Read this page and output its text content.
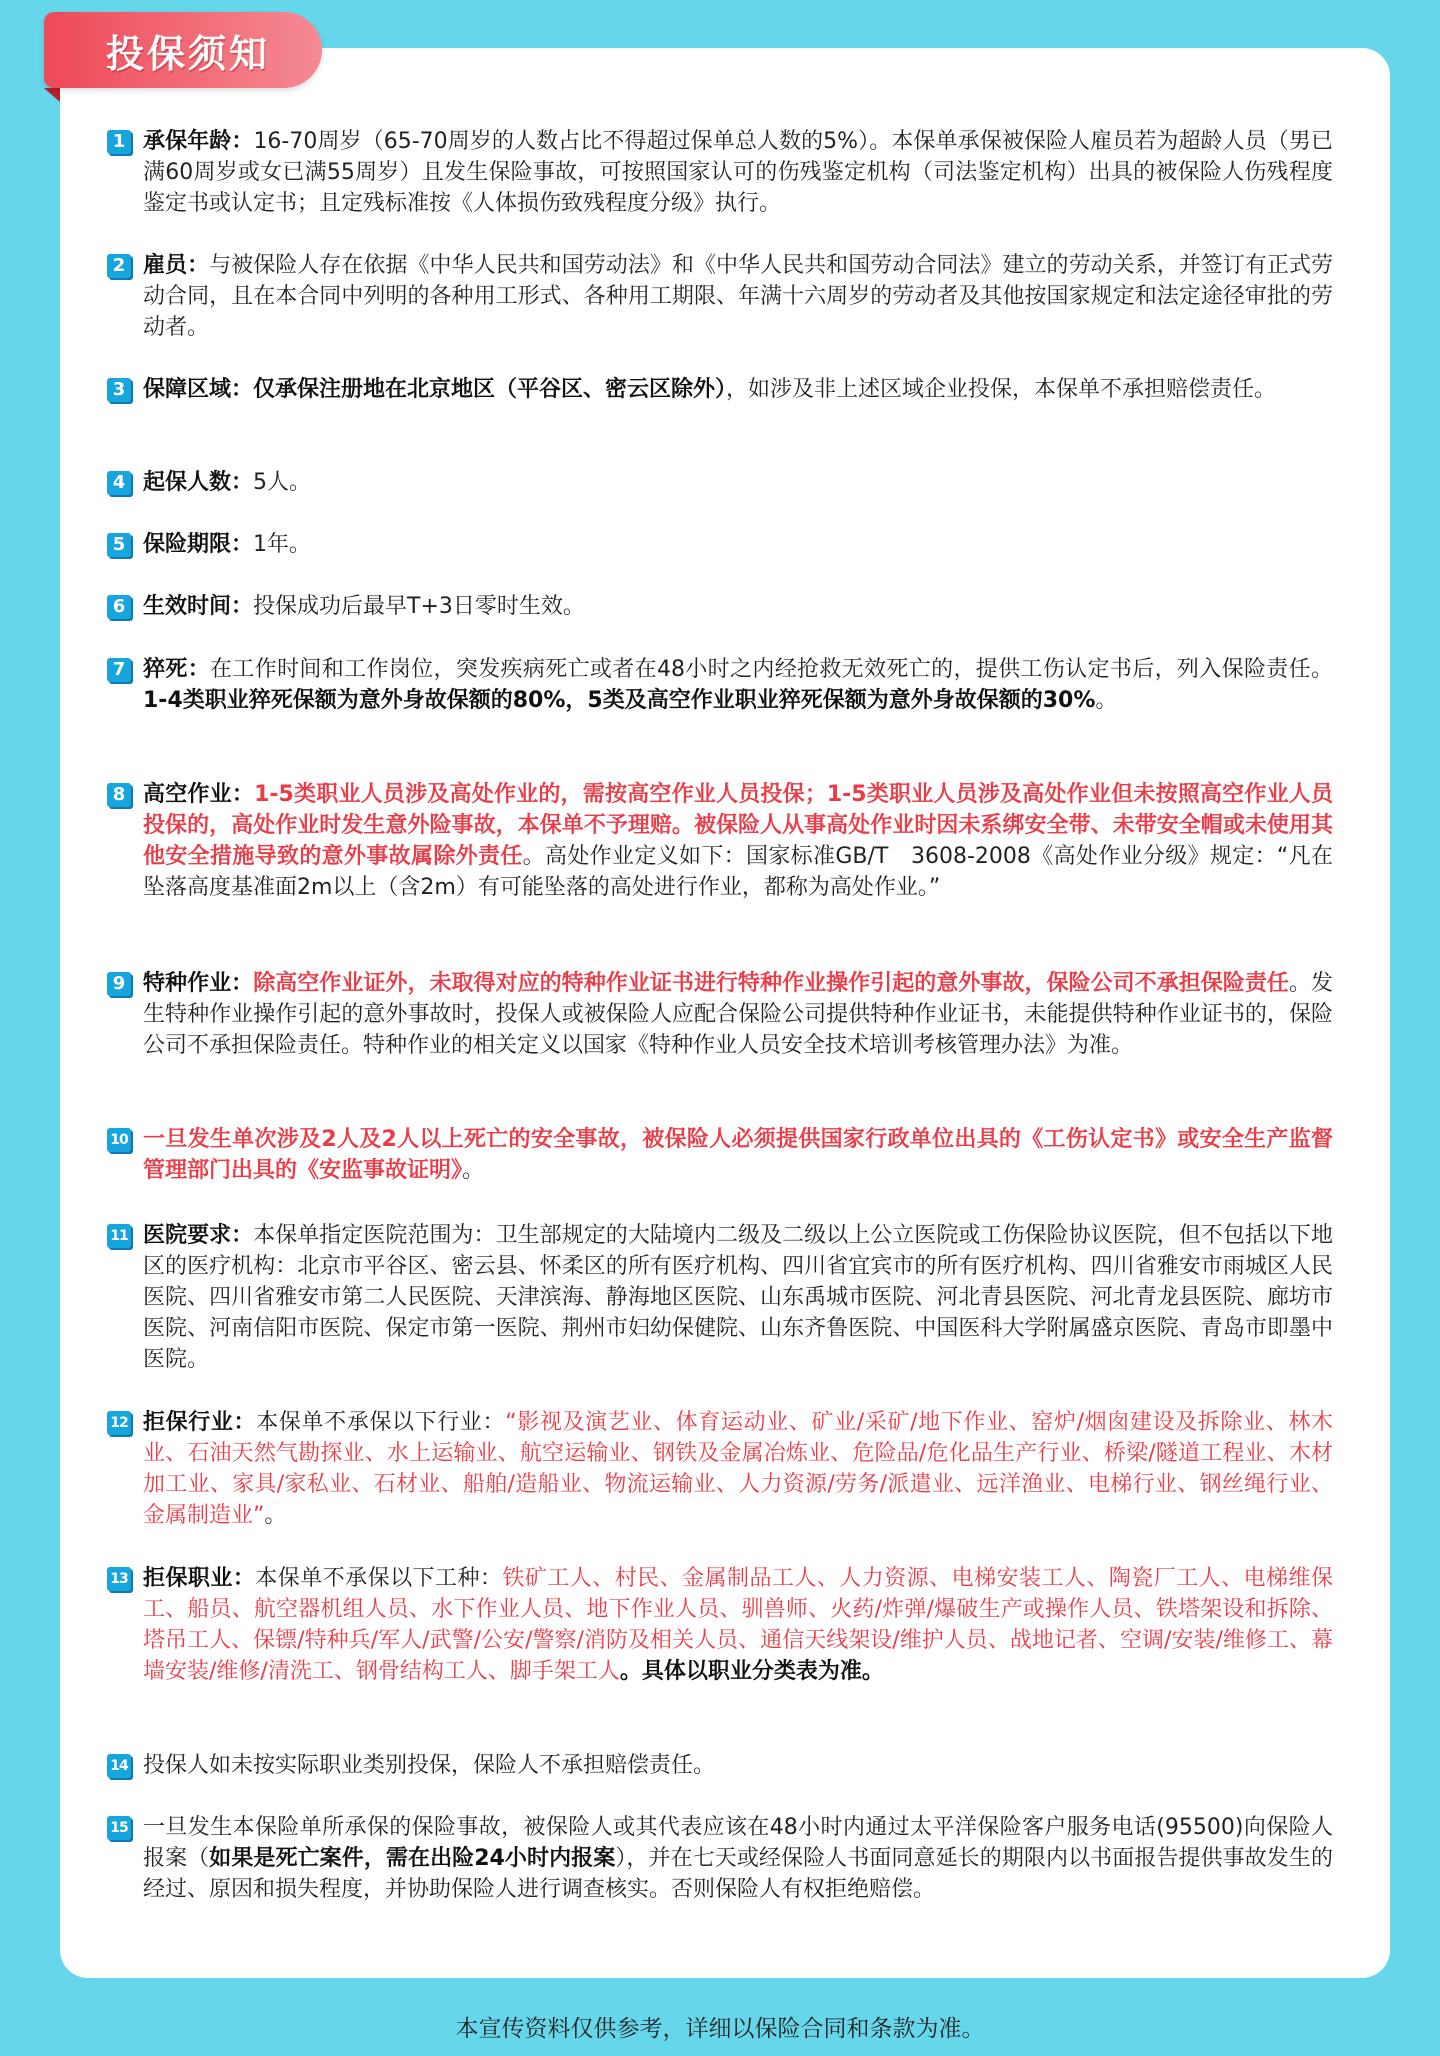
投保须知
1 承保年龄：16-70周岁（65-70周岁的人数占比不得超过保单总人数的5%）。本保单承保被保险人雇员若为超龄人员（男已满60周岁或女已满55周岁）且发生保险事故，可按照国家认可的伤残鉴定机构（司法鉴定机构）出具的被保险人伤残程度鉴定书或认定书；且定残标准按《人体损伤致残程度分级》执行。
2 雇员：与被保险人存在依据《中华人民共和国劳动法》和《中华人民共和国劳动合同法》建立的劳动关系，并签订有正式劳动合同，且在本合同中列明的各种用工形式、各种用工期限、年满十六周岁的劳动者及其他按国家规定和法定途径审批的劳动者。
3 保障区域：仅承保注册地在北京地区（平谷区、密云区除外），如涉及非上述区域企业投保，本保单不承担赔偿责任。
4 起保人数：5人。
5 保险期限：1年。
6 生效时间：投保成功后最早T+3日零时生效。
7 猝死：在工作时间和工作岗位，突发疾病死亡或者在48小时之内经抢救无效死亡的，提供工伤认定书后，列入保险责任。1-4类职业猝死保额为意外身故保额的80%，5类及高空作业职业猝死保额为意外身故保额的30%。
8 高空作业：1-5类职业人员涉及高处作业的，需按高空作业人员投保；1-5类职业人员涉及高处作业但未按照高空作业人员投保的，高处作业时发生意外险事故，本保单不予理赔。被保险人从事高处作业时因未系绑安全带、未带安全帽或未使用其他安全措施导致的意外事故属除外责任。高处作业定义如下：国家标准GB/T　3608-2008《高处作业分级》规定：“凡在坠落高度基准面2m以上（含2m）有可能坠落的高处进行作业，都称为高处作业。”
9 特种作业：除高空作业证外，未取得对应的特种作业证书进行特种作业操作引起的意外事故，保险公司不承担保险责任。发生特种作业操作引起的意外事故时，投保人或被保险人应配合保险公司提供特种作业证书，未能提供特种作业证书的，保险公司不承担保险责任。特种作业的相关定义以国家《特种作业人员安全技术培训考核管理办法》为准。
10 一旦发生单次涉及2人及2人以上死亡的安全事故，被保险人必须提供国家行政单位出具的《工伤认定书》或安全生产监督管理部门出具的《安监事故证明》。
11 医院要求：本保单指定医院范围为：卫生部规定的大陆境内二级及二级以上公立医院或工伤保险协议医院，但不包括以下地区的医疗机构：北京市平谷区、密云县、怀柔区的所有医疗机构、四川省宜宾市的所有医疗机构、四川省雅安市雨城区人民医院、四川省雅安市第二人民医院、天津滨海、静海地区医院、山东禹城市医院、河北青县医院、河北青龙县医院、廊坊市医院、河南信阳市医院、保定市第一医院、荆州市妇幼保健院、山东齐鲁医院、中国医科大学附属盛京医院、青岛市即墨中医院。
12 拒保行业：本保单不承保以下行业：“影视及演艺业、体育运动业、矿业/采矿/地下作业、窑炉/烟囱建设及拆除业、林木业、石油天然气勘探业、水上运输业、航空运输业、钢铁及金属冶炼业、危险品/危化品生产行业、桥梁/隧道工程业、木材加工业、家具/家私业、石材业、船舶/造船业、物流运输业、人力资源/劳务/派遣业、远洋渔业、电梯行业、钢丝绳行业、金属制造业”。
13 拒保职业：本保单不承保以下工种：铁矿工人、村民、金属制品工人、人力资源、电梯安装工人、陶瓷厂工人、电梯维保工、船员、航空器机组人员、水下作业人员、地下作业人员、驯兽师、火药/炸弹/爆破生产或操作人员、铁塔架设和拆除、塔吊工人、保镖/特种兵/军人/武警/公安/警察/消防及相关人员、通信天线架设/维护人员、战地记者、空调/安装/维修工、幕墙安装/维修/清洗工、钢骨结构工人、脚手架工人。具体以职业分类表为准。
14 投保人如未按实际职业类别投保，保险人不承担赔偿责任。
15 一旦发生本保险单所承保的保险事故，被保险人或其代表应该在48小时内通过太平洋保险客户服务电话(95500)向保险人报案（如果是死亡案件，需在出险24小时内报案），并在七天或经保险人书面同意延长的期限内以书面报告提供事故发生的经过、原因和损失程度，并协助保险人进行调查核实。否则保险人有权拒绝赔偿。
本宣传资料仅供参考，详细以保险合同和条款为准。
